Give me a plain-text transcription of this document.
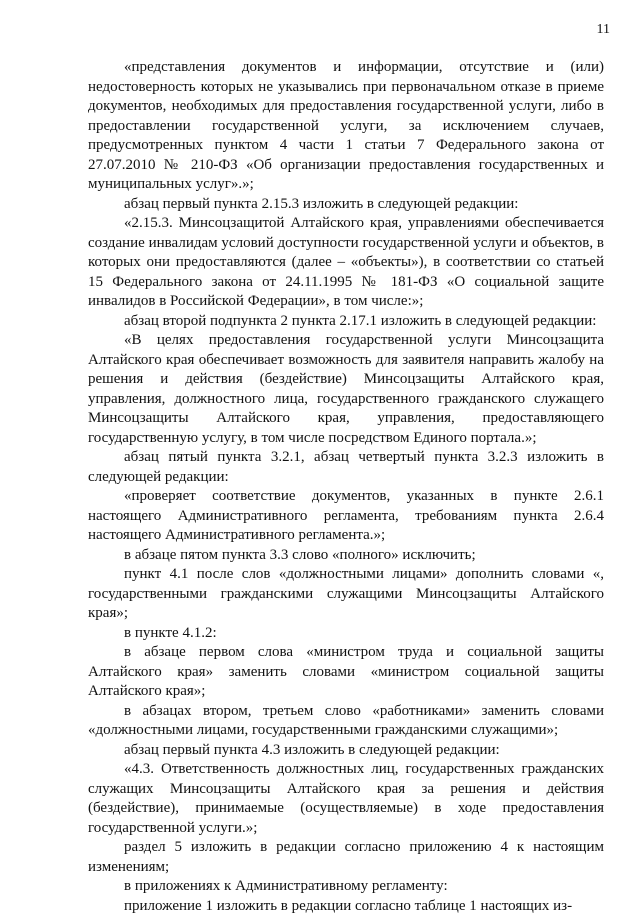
11

«представления документов и информации, отсутствие и (или) недостоверность которых не указывались при первоначальном отказе в приеме документов, необходимых для предоставления государственной услуги, либо в предоставлении государственной услуги, за исключением случаев, предусмотренных пунктом 4 части 1 статьи 7 Федерального закона от 27.07.2010 № 210-ФЗ «Об организации предоставления государственных и муниципальных услуг».»;

абзац первый пункта 2.15.3 изложить в следующей редакции:

«2.15.3. Минсоцзащитой Алтайского края, управлениями обеспечивается создание инвалидам условий доступности государственной услуги и объектов, в которых они предоставляются (далее – «объекты»), в соответствии со статьей 15 Федерального закона от 24.11.1995 № 181-ФЗ «О социальной защите инвалидов в Российской Федерации», в том числе:»;

абзац второй подпункта 2 пункта 2.17.1 изложить в следующей редакции:

«В целях предоставления государственной услуги Минсоцзащита Алтайского края обеспечивает возможность для заявителя направить жалобу на решения и действия (бездействие) Минсоцзащиты Алтайского края, управления, должностного лица, государственного гражданского служащего Минсоцзащиты Алтайского края, управления, предоставляющего государственную услугу, в том числе посредством Единого портала.»;

абзац пятый пункта 3.2.1, абзац четвертый пункта 3.2.3 изложить в следующей редакции:

«проверяет соответствие документов, указанных в пункте 2.6.1 настоящего Административного регламента, требованиям пункта 2.6.4 настоящего Административного регламента.»;

в абзаце пятом пункта 3.3 слово «полного» исключить;

пункт 4.1 после слов «должностными лицами» дополнить словами «, государственными гражданскими служащими Минсоцзащиты Алтайского края»;

в пункте 4.1.2:

в абзаце первом слова «министром труда и социальной защиты Алтайского края» заменить словами «министром социальной защиты Алтайского края»;

в абзацах втором, третьем слово «работниками» заменить словами «должностными лицами, государственными гражданскими служащими»;

абзац первый пункта 4.3 изложить в следующей редакции:

«4.3. Ответственность должностных лиц, государственных гражданских служащих Минсоцзащиты Алтайского края за решения и действия (бездействие), принимаемые (осуществляемые) в ходе предоставления государственной услуги.»;

раздел 5 изложить в редакции согласно приложению 4 к настоящим изменениям;

в приложениях к Административному регламенту:

приложение 1 изложить в редакции согласно таблице 1 настоящих из-
